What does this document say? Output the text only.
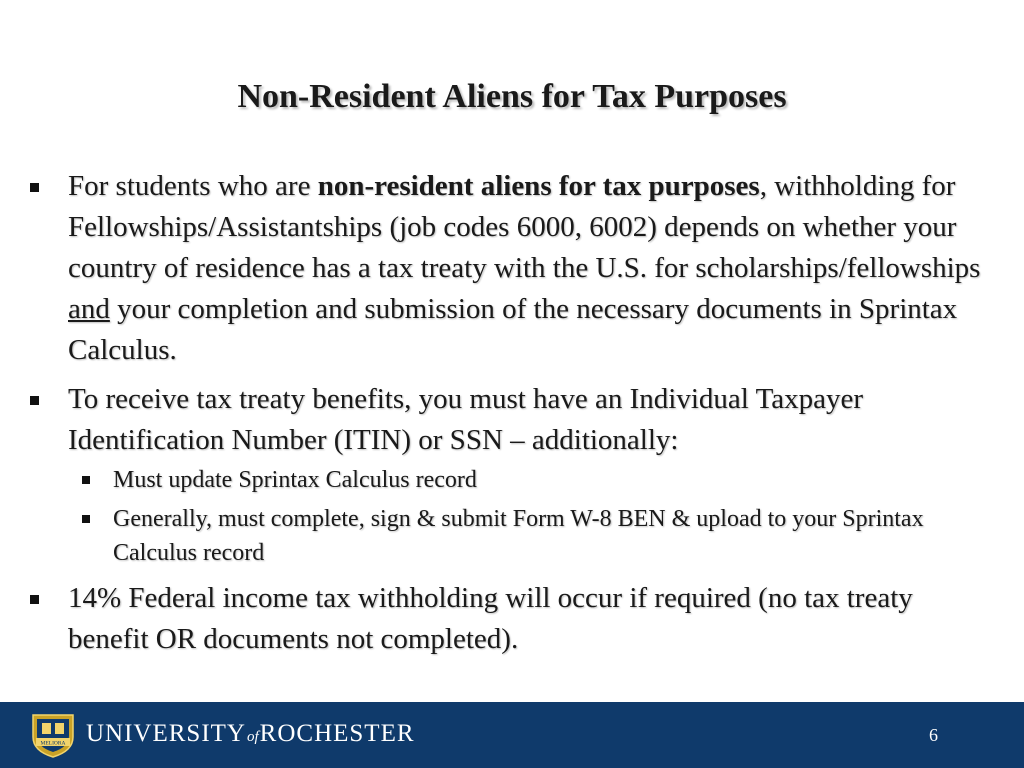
Non-Resident Aliens for Tax Purposes
For students who are non-resident aliens for tax purposes, withholding for Fellowships/Assistantships (job codes 6000, 6002) depends on whether your country of residence has a tax treaty with the U.S. for scholarships/fellowships and your completion and submission of the necessary documents in Sprintax Calculus.
To receive tax treaty benefits, you must have an Individual Taxpayer Identification Number (ITIN) or SSN – additionally:
Must update Sprintax Calculus record
Generally, must complete, sign & submit Form W-8 BEN & upload to your Sprintax Calculus record
14% Federal income tax withholding will occur if required (no tax treaty benefit OR documents not completed).
MELIORA UNIVERSITYofROCHESTER	6
